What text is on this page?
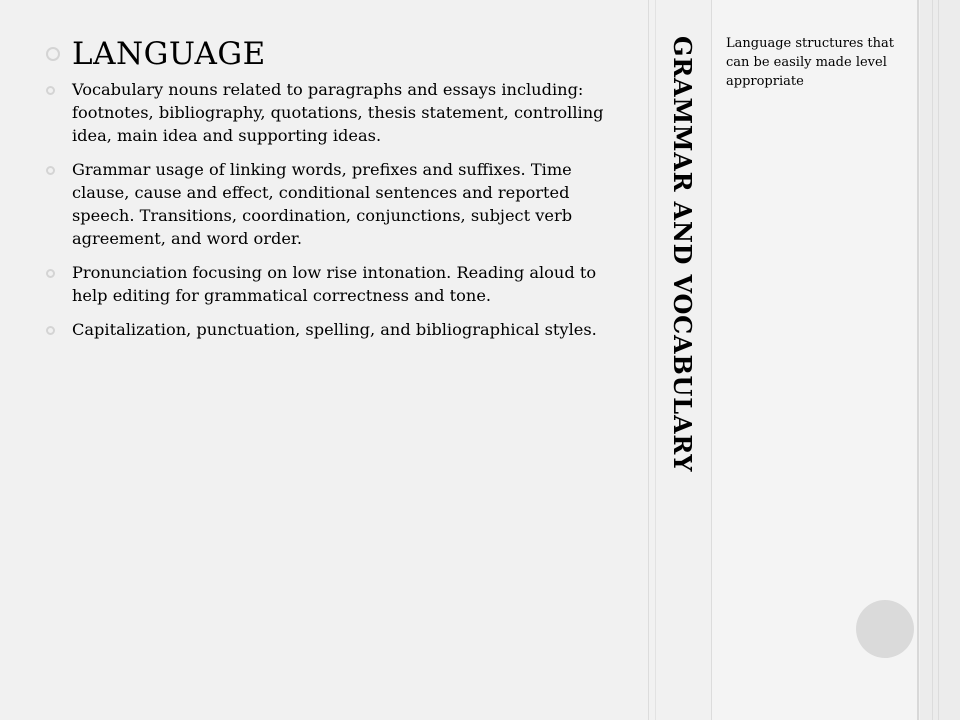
LANGUAGE
Vocabulary nouns related to paragraphs and essays including: footnotes, bibliography, quotations, thesis statement, controlling idea, main idea and supporting ideas.
Grammar usage of linking words, prefixes and suffixes. Time clause, cause and effect, conditional sentences and reported speech. Transitions, coordination, conjunctions, subject verb agreement, and word order.
Pronunciation focusing on low rise intonation. Reading aloud to help editing for grammatical correctness and tone.
Capitalization, punctuation, spelling, and bibliographical styles.	GRAMMAR AND VOCABULARY	Language structures that can be easily made level appropriate
